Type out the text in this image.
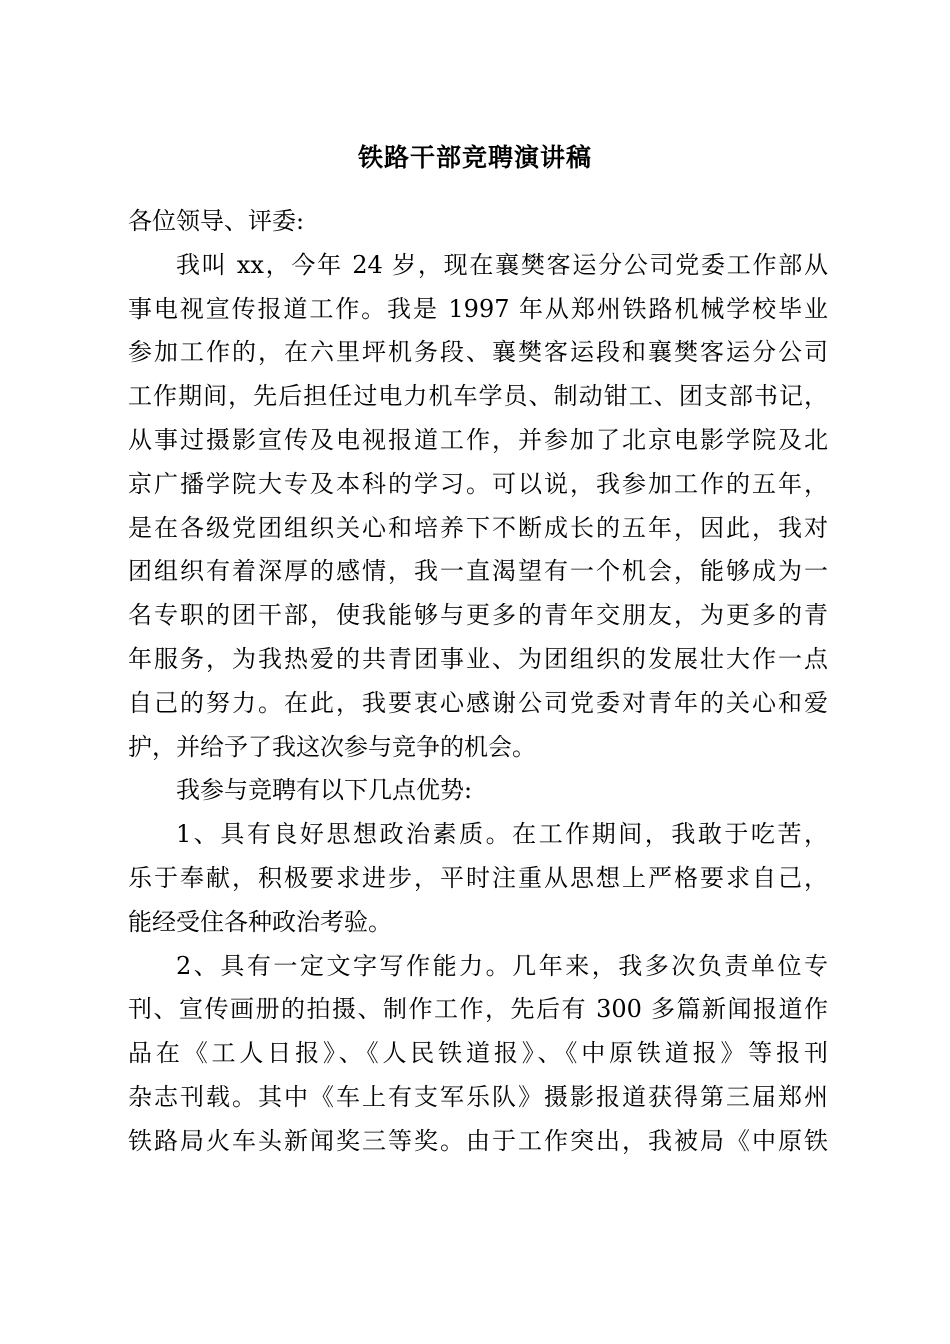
铁路干部竞聘演讲稿
各位领导、评委:
我叫 xx，今年 24 岁，现在襄樊客运分公司党委工作部从
事电视宣传报道工作。我是 1997 年从郑州铁路机械学校毕业
参加工作的，在六里坪机务段、襄樊客运段和襄樊客运分公司
工作期间，先后担任过电力机车学员、制动钳工、团支部书记，
从事过摄影宣传及电视报道工作，并参加了北京电影学院及北
京广播学院大专及本科的学习。可以说，我参加工作的五年，
是在各级党团组织关心和培养下不断成长的五年，因此，我对
团组织有着深厚的感情，我一直渴望有一个机会，能够成为一
名专职的团干部，使我能够与更多的青年交朋友，为更多的青
年服务，为我热爱的共青团事业、为团组织的发展壮大作一点
自己的努力。在此，我要衷心感谢公司党委对青年的关心和爱
护，并给予了我这次参与竞争的机会。
我参与竞聘有以下几点优势:
1、具有良好思想政治素质。在工作期间，我敢于吃苦，
乐于奉献，积极要求进步，平时注重从思想上严格要求自己，
能经受住各种政治考验。
2、具有一定文字写作能力。几年来，我多次负责单位专
刊、宣传画册的拍摄、制作工作，先后有 300 多篇新闻报道作
品在《工人日报》、《人民铁道报》、《中原铁道报》等报刊
杂志刊载。其中《车上有支军乐队》摄影报道获得第三届郑州
铁路局火车头新闻奖三等奖。由于工作突出，我被局《中原铁
